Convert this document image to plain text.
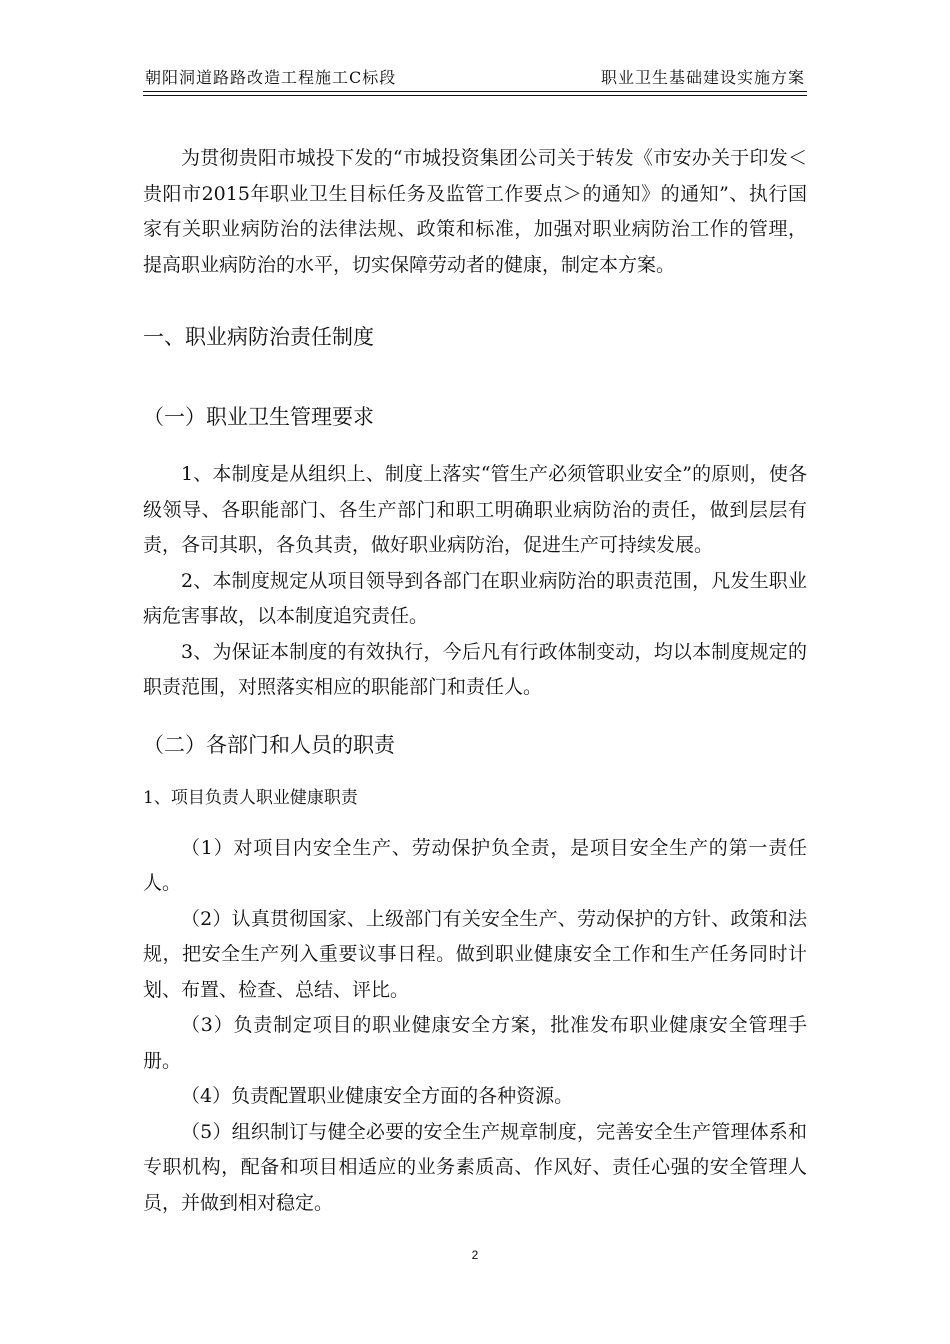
朝阳洞道路路改造工程施工C标段	职业卫生基础建设实施方案

为贯彻贵阳市城投下发的“市城投资集团公司关于转发《市安办关于印发＜贵阳市2015年职业卫生目标任务及监管工作要点＞的通知》的通知”、执行国家有关职业病防治的法律法规、政策和标准，加强对职业病防治工作的管理，提高职业病防治的水平，切实保障劳动者的健康，制定本方案。

一、职业病防治责任制度
（一）职业卫生管理要求

1、本制度是从组织上、制度上落实“管生产必须管职业安全”的原则，使各级领导、各职能部门、各生产部门和职工明确职业病防治的责任，做到层层有责，各司其职，各负其责，做好职业病防治，促进生产可持续发展。

2、本制度规定从项目领导到各部门在职业病防治的职责范围，凡发生职业病危害事故，以本制度追究责任。

3、为保证本制度的有效执行，今后凡有行政体制变动，均以本制度规定的职责范围，对照落实相应的职能部门和责任人。

（二）各部门和人员的职责
1、项目负责人职业健康职责

（1）对项目内安全生产、劳动保护负全责，是项目安全生产的第一责任人。

（2）认真贯彻国家、上级部门有关安全生产、劳动保护的方针、政策和法规，把安全生产列入重要议事日程。做到职业健康安全工作和生产任务同时计划、布置、检查、总结、评比。

（3）负责制定项目的职业健康安全方案，批准发布职业健康安全管理手册。

（4）负责配置职业健康安全方面的各种资源。

（5）组织制订与健全必要的安全生产规章制度，完善安全生产管理体系和专职机构，配备和项目相适应的业务素质高、作风好、责任心强的安全管理人员，并做到相对稳定。

2
